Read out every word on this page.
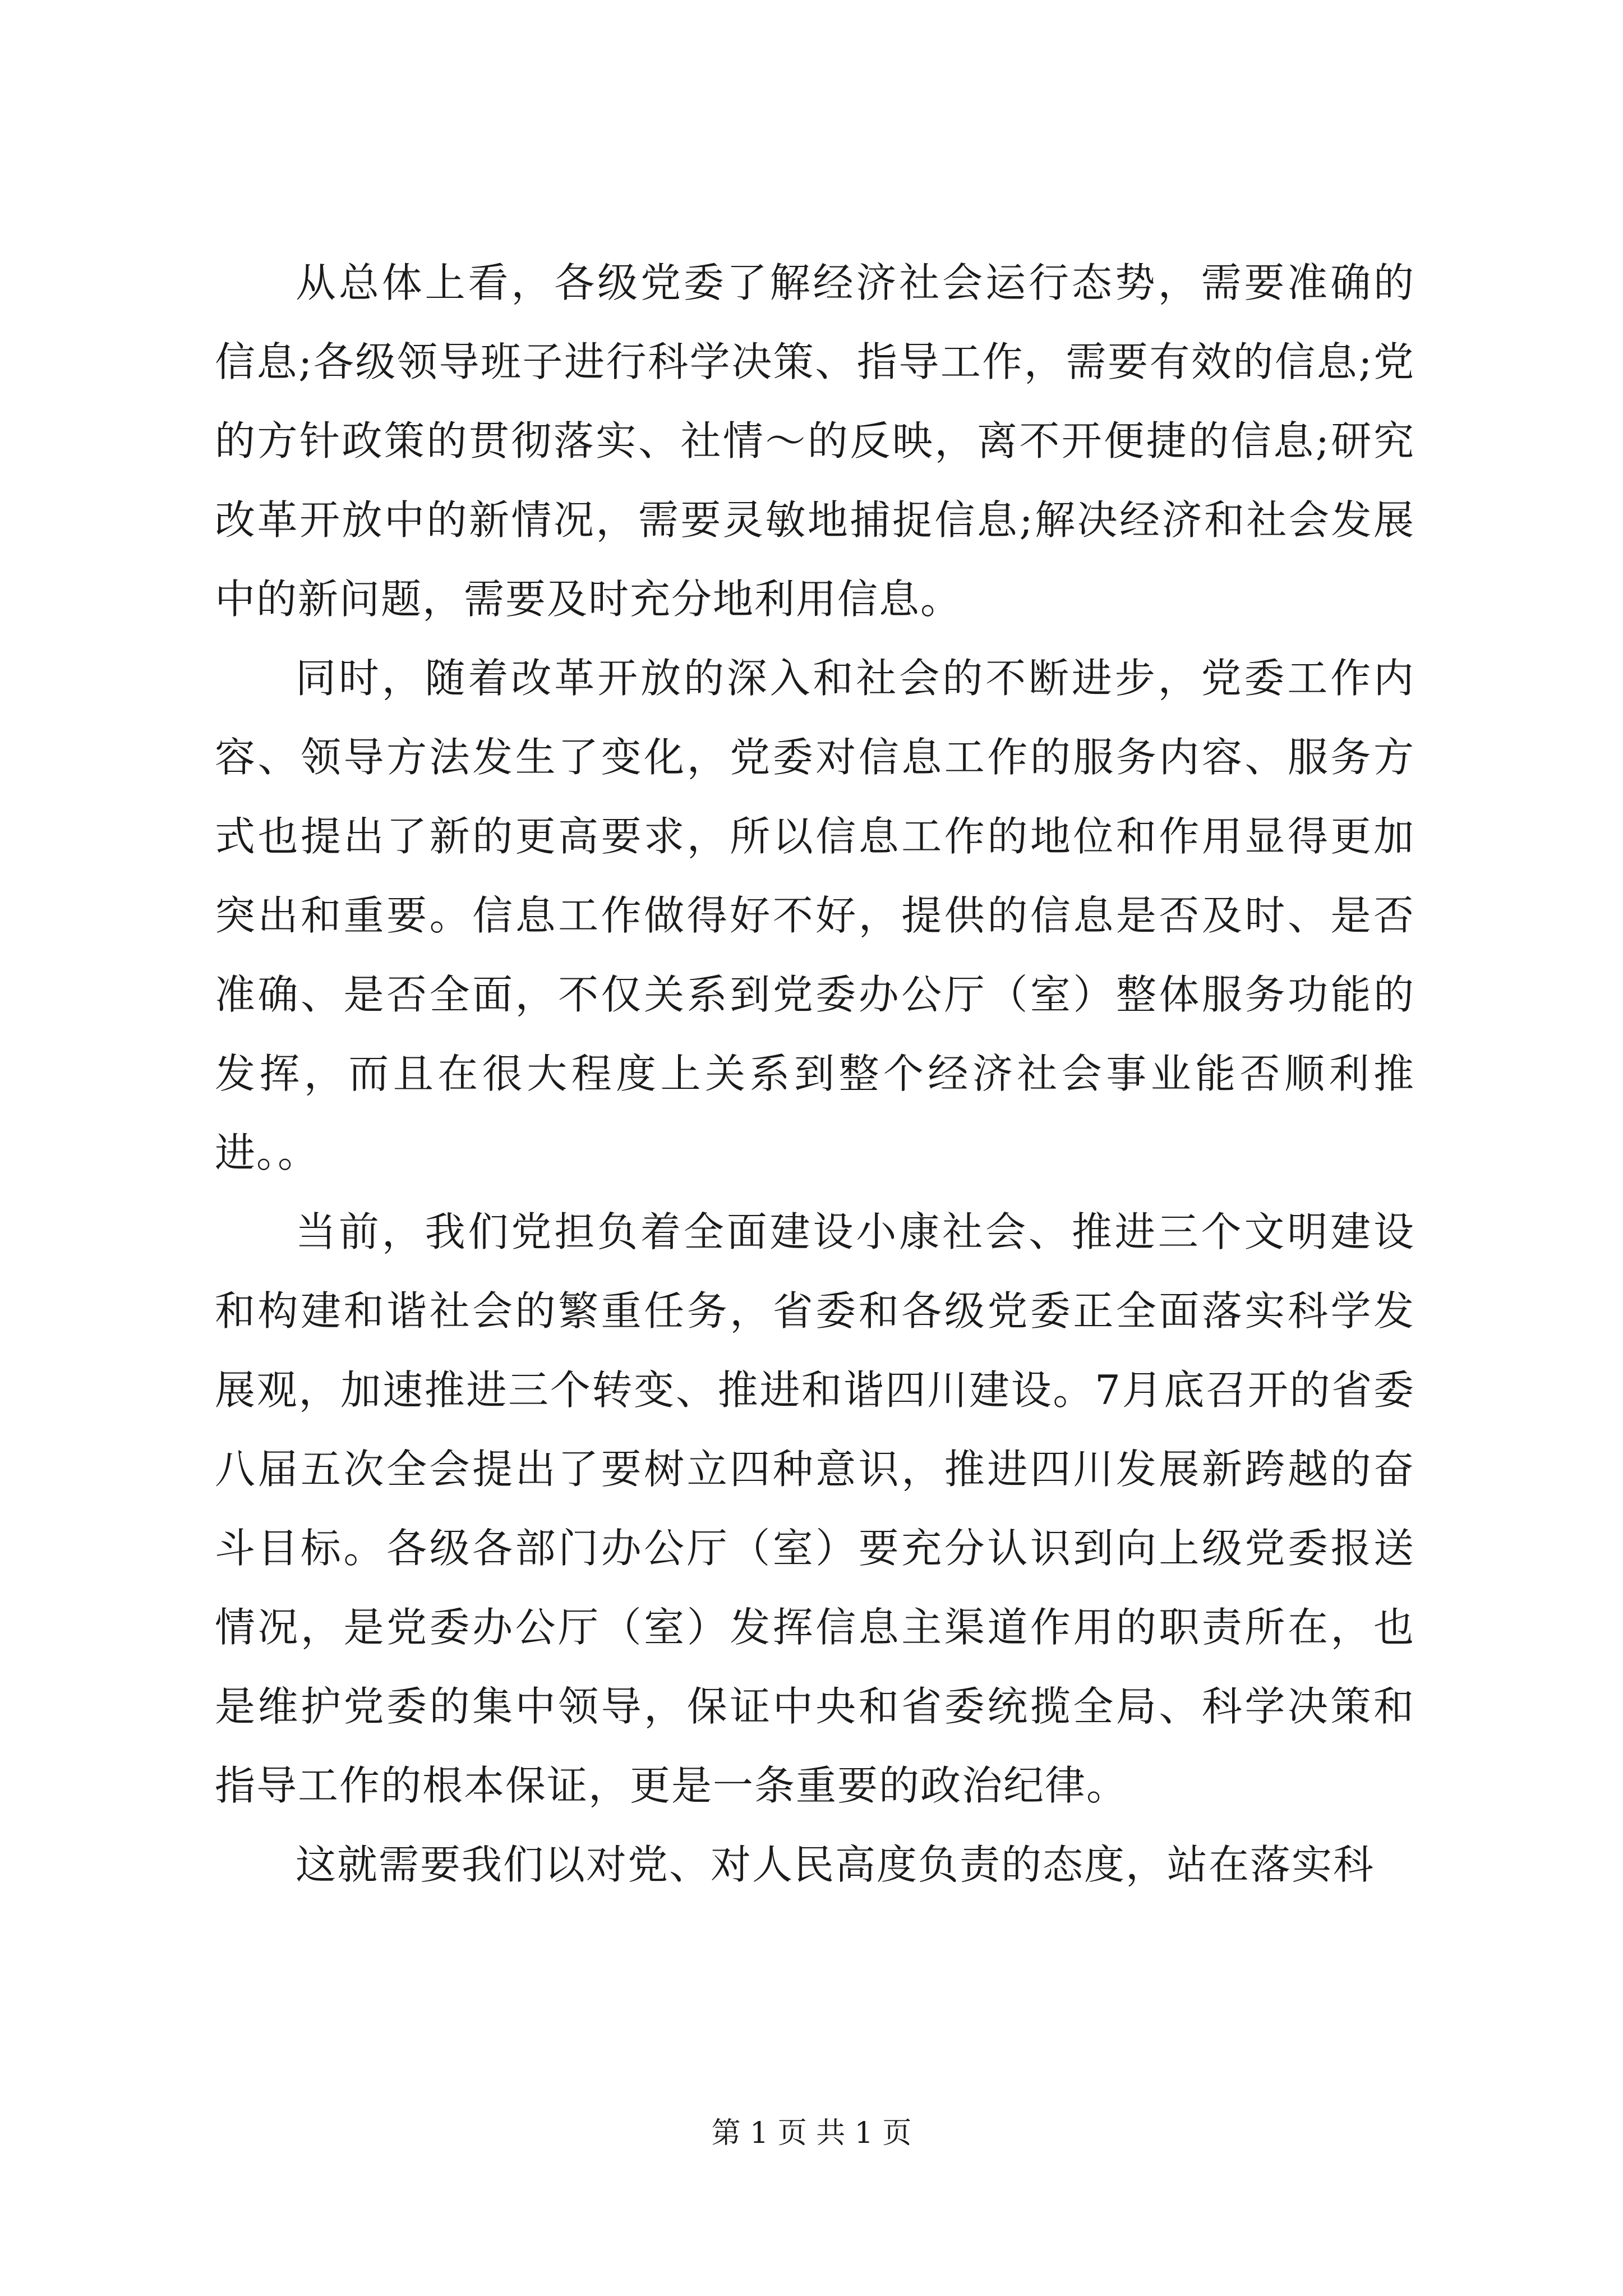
从总体上看，各级党委了解经济社会运行态势，需要准确的信息;各级领导班子进行科学决策、指导工作，需要有效的信息;党的方针政策的贯彻落实、社情～的反映，离不开便捷的信息;研究改革开放中的新情况，需要灵敏地捕捉信息;解决经济和社会发展中的新问题，需要及时充分地利用信息。

同时，随着改革开放的深入和社会的不断进步，党委工作内容、领导方法发生了变化，党委对信息工作的服务内容、服务方式也提出了新的更高要求，所以信息工作的地位和作用显得更加突出和重要。信息工作做得好不好，提供的信息是否及时、是否准确、是否全面，不仅关系到党委办公厅（室）整体服务功能的发挥，而且在很大程度上关系到整个经济社会事业能否顺利推进。。

当前，我们党担负着全面建设小康社会、推进三个文明建设和构建和谐社会的繁重任务，省委和各级党委正全面落实科学发展观，加速推进三个转变、推进和谐四川建设。7月底召开的省委八届五次全会提出了要树立四种意识，推进四川发展新跨越的奋斗目标。各级各部门办公厅（室）要充分认识到向上级党委报送情况，是党委办公厅（室）发挥信息主渠道作用的职责所在，也是维护党委的集中领导，保证中央和省委统揽全局、科学决策和指导工作的根本保证，更是一条重要的政治纪律。

这就需要我们以对党、对人民高度负责的态度，站在落实科

第 1 页 共 1 页
